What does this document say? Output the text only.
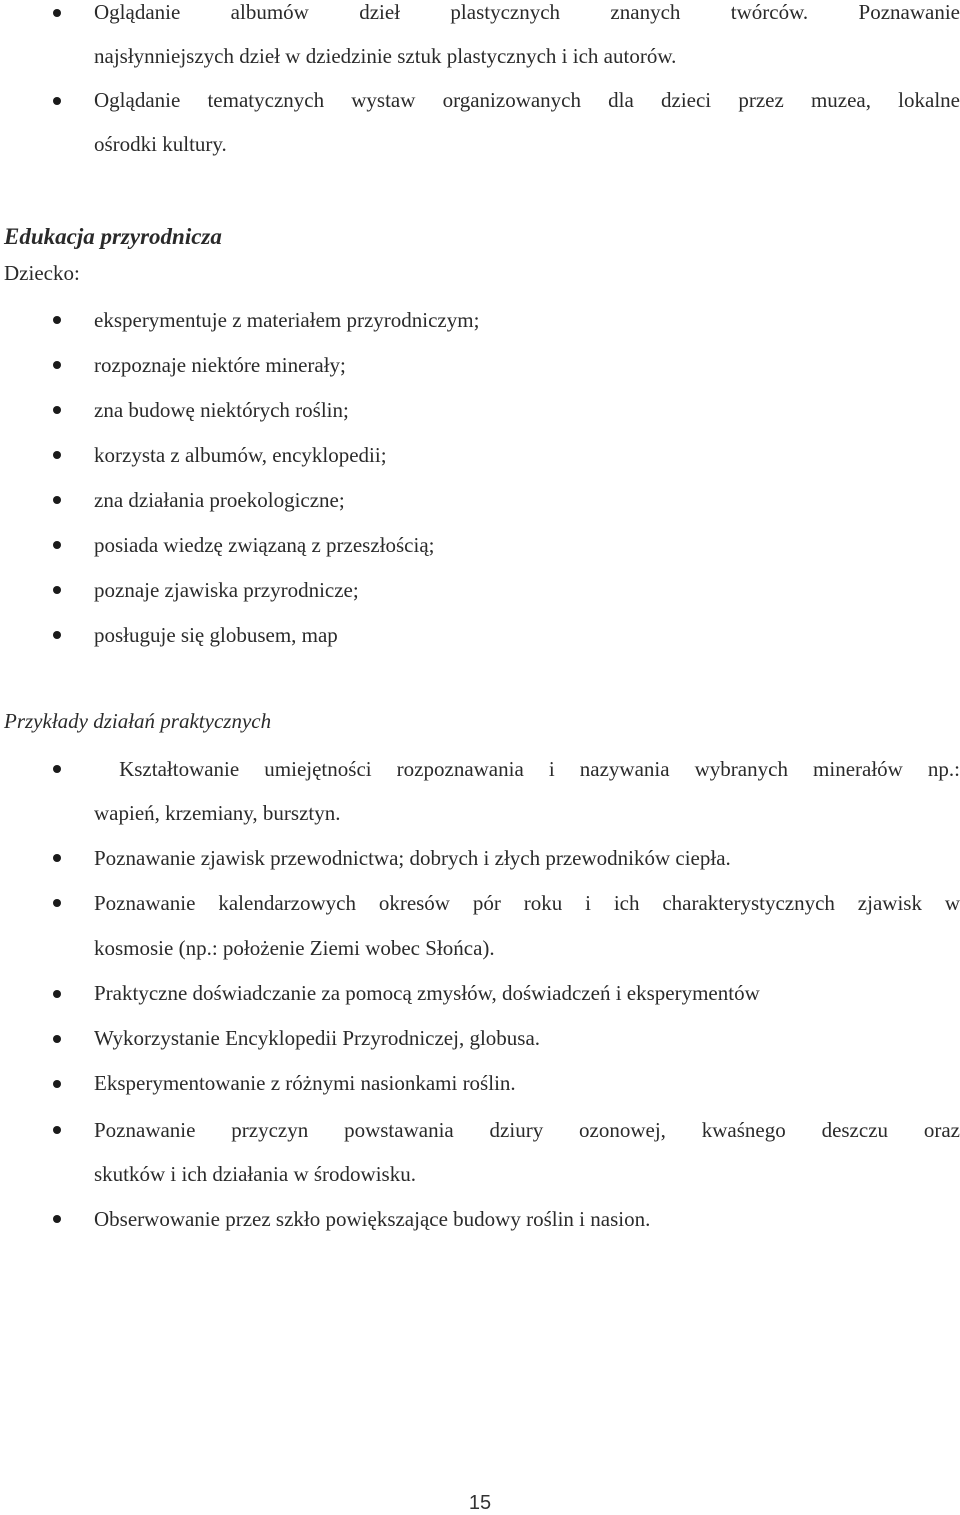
Oglądanie albumów dzieł plastycznych znanych twórców. Poznawanie
najsłynniejszych dzieł w dziedzinie sztuk plastycznych i ich autorów.
Oglądanie tematycznych wystaw organizowanych dla dzieci przez muzea, lokalne
ośrodki kultury.
Edukacja przyrodnicza
Dziecko:
eksperymentuje z materiałem przyrodniczym;
rozpoznaje niektóre minerały;
zna budowę niektórych roślin;
korzysta z albumów, encyklopedii;
zna działania proekologiczne;
posiada wiedzę związaną z przeszłością;
poznaje zjawiska przyrodnicze;
posługuje się globusem, map
Przykłady działań praktycznych
Kształtowanie umiejętności rozpoznawania i nazywania wybranych minerałów np.:
wapień, krzemiany, bursztyn.
Poznawanie zjawisk przewodnictwa; dobrych i złych przewodników ciepła.
Poznawanie kalendarzowych okresów pór roku i ich charakterystycznych zjawisk w
kosmosie (np.: położenie Ziemi wobec Słońca).
Praktyczne doświadczanie za pomocą zmysłów, doświadczeń i eksperymentów
Wykorzystanie Encyklopedii Przyrodniczej, globusa.
Eksperymentowanie z różnymi nasionkami roślin.
Poznawanie przyczyn powstawania dziury ozonowej, kwaśnego deszczu oraz
skutków i ich działania w środowisku.
Obserwowanie przez szkło powiększające budowy roślin i nasion.
15
